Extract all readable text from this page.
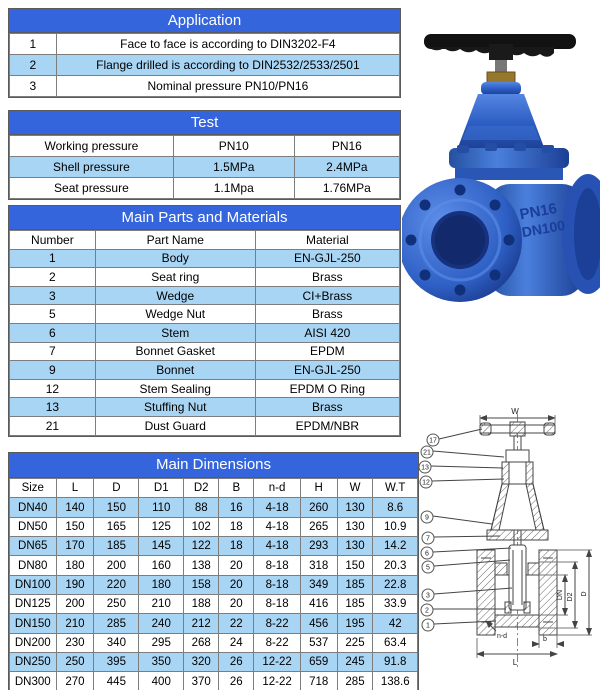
Application
1	Face to face is according to DIN3202-F4
2	Flange drilled is according to DIN2532/2533/2501
3	Nominal pressure PN10/PN16
Test
Working pressure	PN10	PN16
Shell pressure	1.5MPa	2.4MPa
Seat pressure	1.1Mpa	1.76MPa
Main Parts and Materials
Number	Part Name	Material
1	Body	EN-GJL-250
2	Seat ring	Brass
3	Wedge	CI+Brass
5	Wedge Nut	Brass
6	Stem	AISI 420
7	Bonnet Gasket	EPDM
9	Bonnet	EN-GJL-250
12	Stem Sealing	EPDM O Ring
13	Stuffing Nut	Brass
21	Dust Guard	EPDM/NBR
Main Dimensions
Size	L	D	D1	D2	B	n-d	H	W	W.T
DN40	140	150	110	88	16	4-18	260	130	8.6
DN50	150	165	125	102	18	4-18	265	130	10.9
DN65	170	185	145	122	18	4-18	293	130	14.2
DN80	180	200	160	138	20	8-18	318	150	20.3
DN100	190	220	180	158	20	8-18	349	185	22.8
DN125	200	250	210	188	20	8-18	416	185	33.9
DN150	210	285	240	212	22	8-22	456	195	42
DN200	230	340	295	268	24	8-22	537	225	63.4
DN250	250	395	350	320	26	12-22	659	245	91.8
DN300	270	445	400	370	26	12-22	718	285	138.6
PN16
DN100
17
21
13
12
9
7
6
5
3
2
1
W
DN D2 D
b
L
n-d
